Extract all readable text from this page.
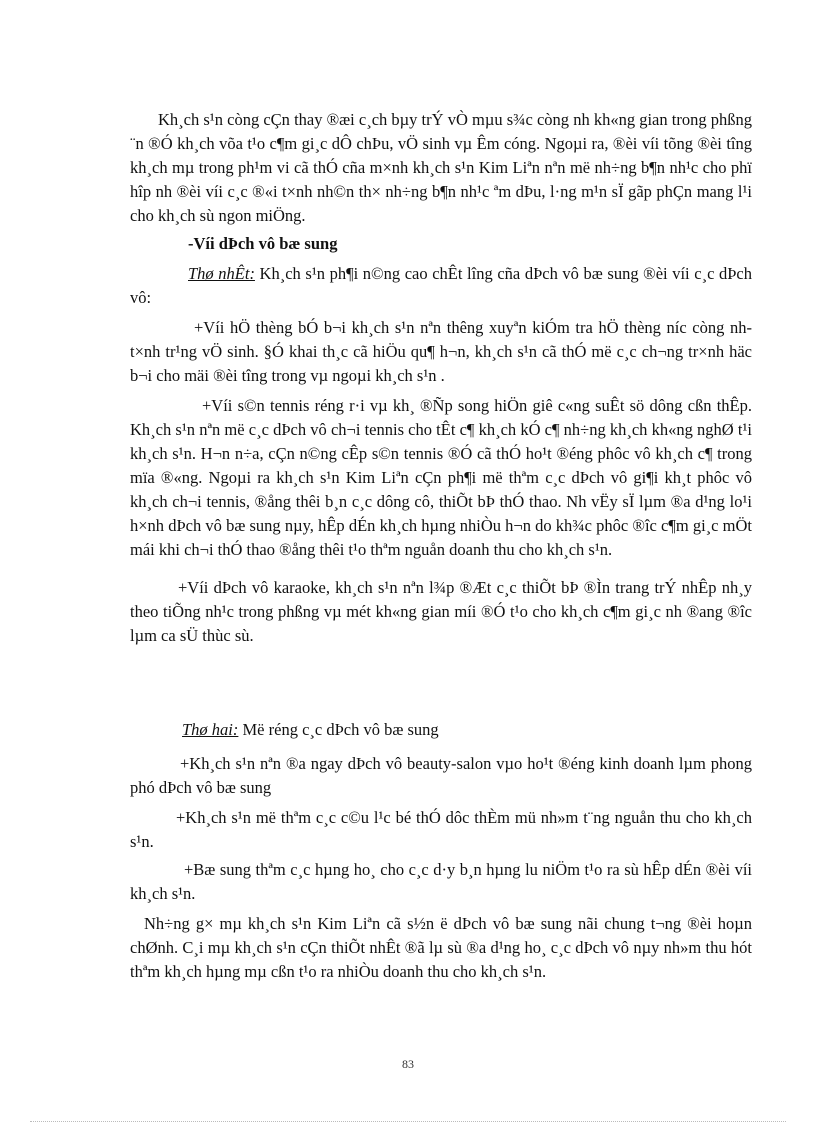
Kh¸ch s¹n còng cÇn thay ®æi c¸ch bµy trÝ vÒ mµu s¾c còng nh kh«ng gian trong phßng ¨n ®Ó kh¸ch võa t¹o c¶m gi¸c dÔ chÞu, vÖ sinh vµ Êm cóng. Ngoµi ra, ®èi víi tõng ®èi tîng kh¸ch mµ trong ph¹m vi cã thÓ cña m×nh kh¸ch s¹n Kim Liªn nªn më nh÷ng b¶n nh¹c cho phï hîp nh ®èi víi c¸c ®«i t×nh nh©n th× nh÷ng b¶n nh¹c ªm dÞu, l·ng m¹n sÏ gãp phÇn mang l¹i cho kh¸ch sù ngon miÖng.

-Víi dÞch vô bæ sung

Thø nhÊt: Kh¸ch s¹n ph¶i n©ng cao chÊt lîng cña dÞch vô bæ sung ®èi víi c¸c dÞch vô:

+Víi hÖ thèng bÓ b¬i kh¸ch s¹n nªn thêng xuyªn kiÓm tra hÖ thèng níc còng nh t×nh tr¹ng vÖ sinh. §Ó khai th¸c cã hiÖu qu¶ h¬n, kh¸ch s¹n cã thÓ më c¸c ch¬ng tr×nh häc b¬i cho mäi ®èi tîng trong vµ ngoµi kh¸ch s¹n .

+Víi s©n tennis réng r·i vµ kh¸ ®Ñp song hiÖn giê c«ng suÊt sö dông cßn thÊp. Kh¸ch s¹n nªn më c¸c dÞch vô ch¬i tennis cho tÊt c¶ kh¸ch kÓ c¶ nh÷ng kh¸ch kh«ng nghØ t¹i kh¸ch s¹n. H¬n n÷a, cÇn n©ng cÊp s©n tennis ®Ó cã thÓ ho¹t ®éng phôc vô kh¸ch c¶ trong mïa ®«ng. Ngoµi ra kh¸ch s¹n Kim Liªn cÇn ph¶i më thªm c¸c dÞch vô gi¶i kh¸t phôc vô kh¸ch ch¬i tennis, ®ång thêi b¸n c¸c dông cô, thiÕt bÞ thÓ thao. Nh vËy sÏ lµm ®a d¹ng lo¹i h×nh dÞch vô bæ sung nµy, hÊp dÉn kh¸ch hµng nhiÒu h¬n do kh¾c phôc ®îc c¶m gi¸c mÖt mái khi ch¬i thÓ thao ®ång thêi t¹o thªm nguån doanh thu cho kh¸ch s¹n.

+Víi dÞch vô karaoke, kh¸ch s¹n nªn l¾p ®Æt c¸c thiÕt bÞ ®Ìn trang trÝ nhÊp nh¸y theo tiÕng nh¹c trong phßng vµ mét kh«ng gian míi ®Ó t¹o cho kh¸ch c¶m gi¸c nh ®ang ®îc lµm ca sÜ thùc sù.

Thø hai: Më réng c¸c dÞch vô bæ sung

+Kh¸ch s¹n nªn ®a ngay dÞch vô beauty-salon vµo ho¹t ®éng kinh doanh lµm phong phó dÞch vô bæ sung

+Kh¸ch s¹n më thªm c¸c c©u l¹c bé thÓ dôc thÈm mü nh»m t¨ng nguån thu cho kh¸ch s¹n.

+Bæ sung thªm c¸c hµng ho¸ cho c¸c d·y b¸n hµng lu niÖm t¹o ra sù hÊp dÉn ®èi víi kh¸ch s¹n.

Nh÷ng g× mµ kh¸ch s¹n Kim Liªn cã s½n ë dÞch vô bæ sung nãi chung t¬ng ®èi hoµn chØnh. C¸i mµ kh¸ch s¹n cÇn thiÕt nhÊt ®ã lµ sù ®a d¹ng ho¸ c¸c dÞch vô nµy nh»m thu hót thªm kh¸ch hµng mµ cßn t¹o ra nhiÒu doanh thu cho kh¸ch s¹n.

83
